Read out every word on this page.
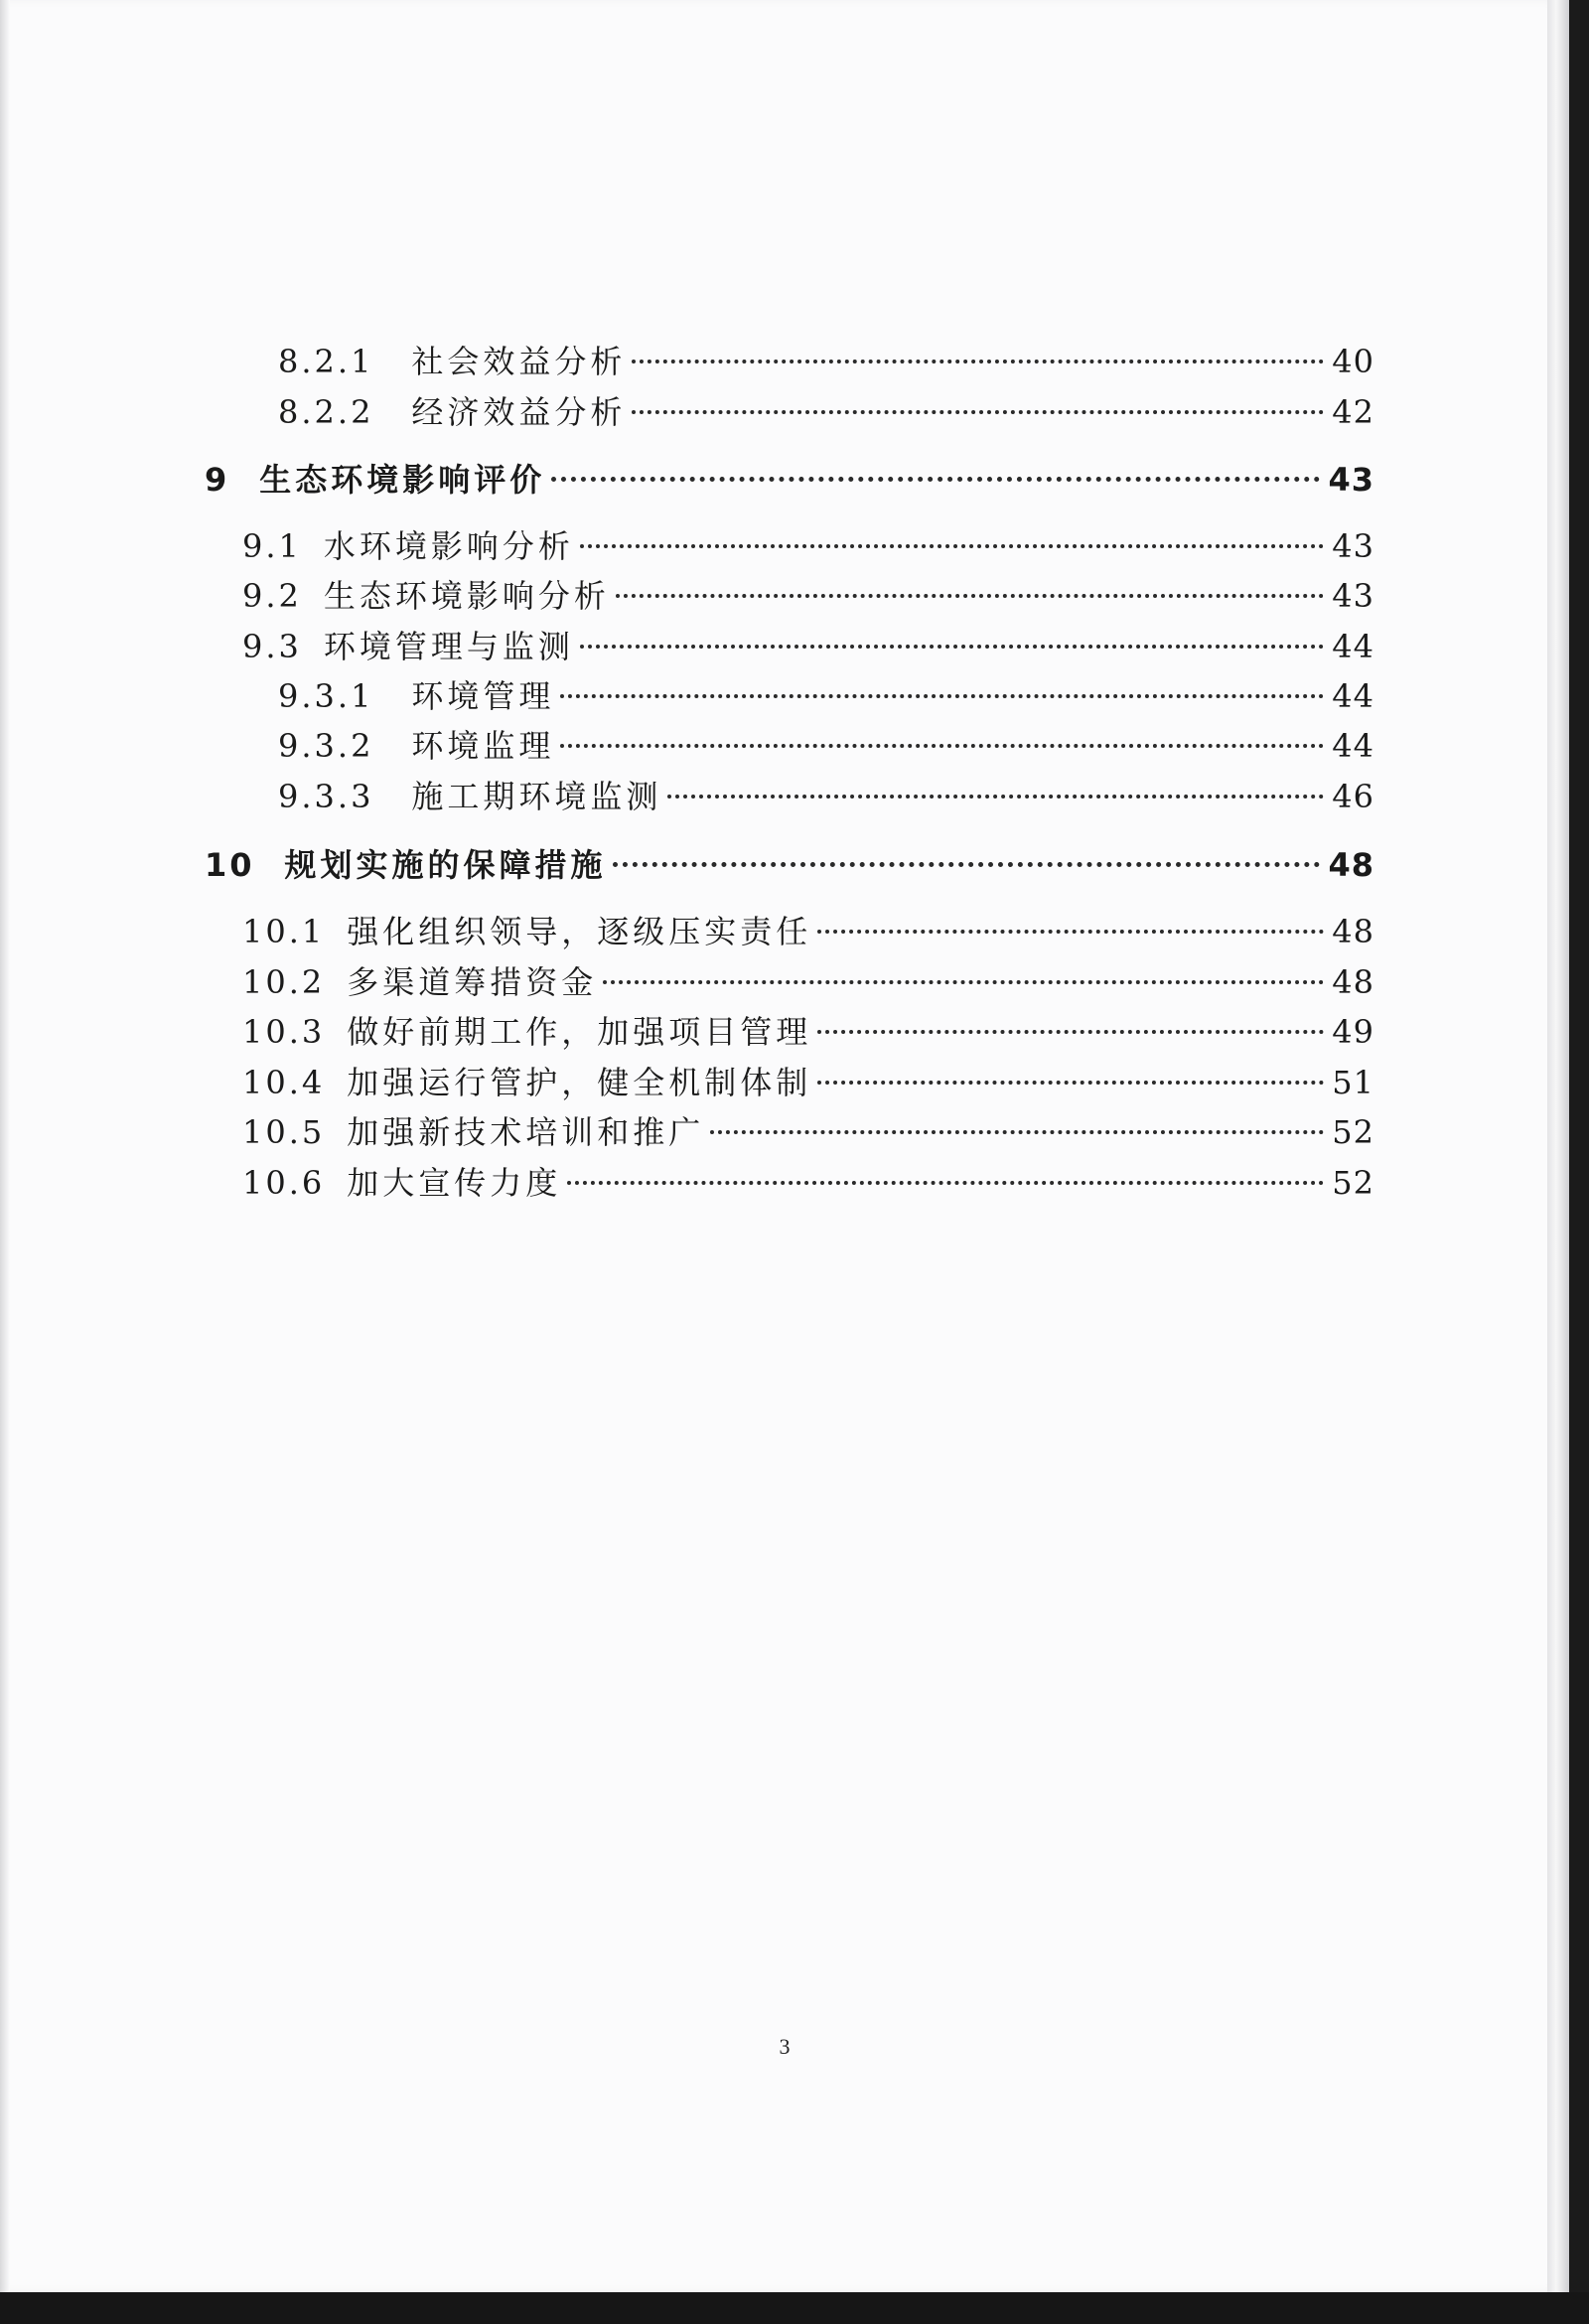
8.2.1 社会效益分析	40
8.2.2 经济效益分析	42
9 生态环境影响评价	43
9.1 水环境影响分析	43
9.2 生态环境影响分析	43
9.3 环境管理与监测	44
9.3.1 环境管理	44
9.3.2 环境监理	44
9.3.3 施工期环境监测	46
10 规划实施的保障措施	48
10.1 强化组织领导，逐级压实责任	48
10.2 多渠道筹措资金	48
10.3 做好前期工作，加强项目管理	49
10.4 加强运行管护，健全机制体制	51
10.5 加强新技术培训和推广	52
10.6 加大宣传力度	52
3
